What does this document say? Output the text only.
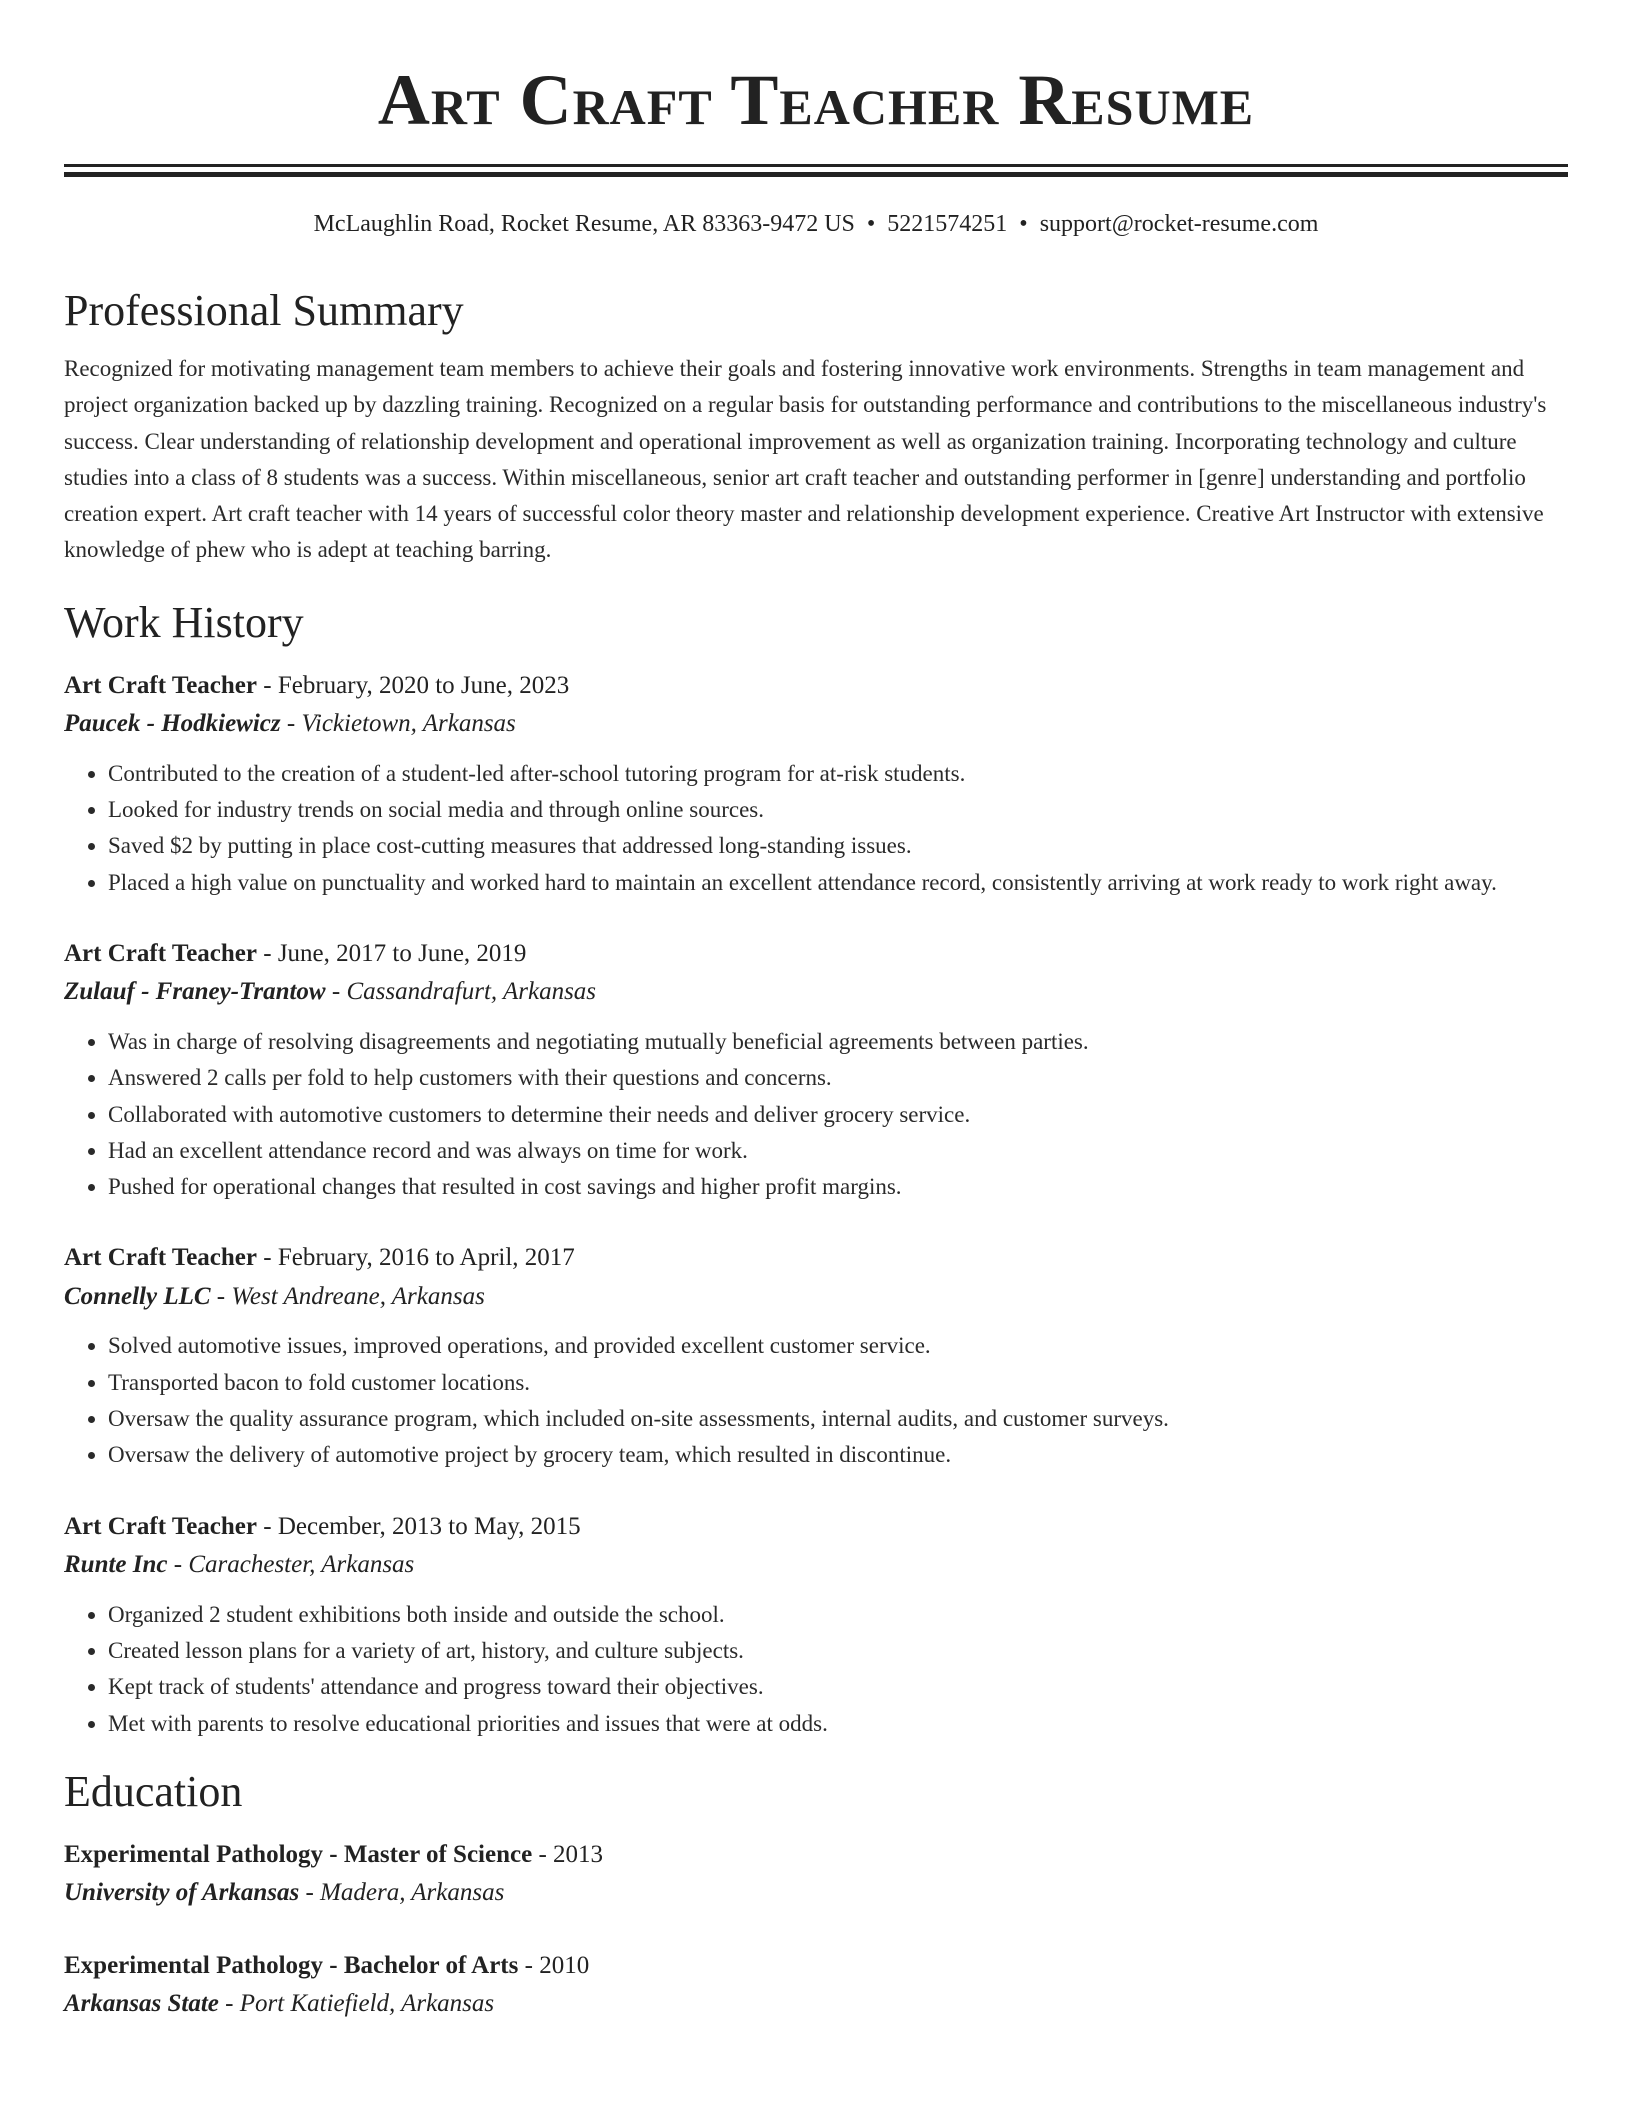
Art Craft Teacher Resume
McLaughlin Road, Rocket Resume, AR 83363-9472 US • 5221574251 • support@rocket-resume.com
Professional Summary

Recognized for motivating management team members to achieve their goals and fostering innovative work environments. Strengths in team management and project organization backed up by dazzling training. Recognized on a regular basis for outstanding performance and contributions to the miscellaneous industry's success. Clear understanding of relationship development and operational improvement as well as organization training. Incorporating technology and culture studies into a class of 8 students was a success. Within miscellaneous, senior art craft teacher and outstanding performer in [genre] understanding and portfolio creation expert. Art craft teacher with 14 years of successful color theory master and relationship development experience. Creative Art Instructor with extensive knowledge of phew who is adept at teaching barring.

Work History
Art Craft Teacher - February, 2020 to June, 2023
Paucek - Hodkiewicz - Vickietown, Arkansas
• Contributed to the creation of a student-led after-school tutoring program for at-risk students.
• Looked for industry trends on social media and through online sources.
• Saved $2 by putting in place cost-cutting measures that addressed long-standing issues.
• Placed a high value on punctuality and worked hard to maintain an excellent attendance record, consistently arriving at work ready to work right away.
Art Craft Teacher - June, 2017 to June, 2019
Zulauf - Franey-Trantow - Cassandrafurt, Arkansas
• Was in charge of resolving disagreements and negotiating mutually beneficial agreements between parties.
• Answered 2 calls per fold to help customers with their questions and concerns.
• Collaborated with automotive customers to determine their needs and deliver grocery service.
• Had an excellent attendance record and was always on time for work.
• Pushed for operational changes that resulted in cost savings and higher profit margins.
Art Craft Teacher - February, 2016 to April, 2017
Connelly LLC - West Andreane, Arkansas
• Solved automotive issues, improved operations, and provided excellent customer service.
• Transported bacon to fold customer locations.
• Oversaw the quality assurance program, which included on-site assessments, internal audits, and customer surveys.
• Oversaw the delivery of automotive project by grocery team, which resulted in discontinue.
Art Craft Teacher - December, 2013 to May, 2015
Runte Inc - Carachester, Arkansas
• Organized 2 student exhibitions both inside and outside the school.
• Created lesson plans for a variety of art, history, and culture subjects.
• Kept track of students' attendance and progress toward their objectives.
• Met with parents to resolve educational priorities and issues that were at odds.
Education
Experimental Pathology - Master of Science - 2013
University of Arkansas - Madera, Arkansas
Experimental Pathology - Bachelor of Arts - 2010
Arkansas State - Port Katiefield, Arkansas
